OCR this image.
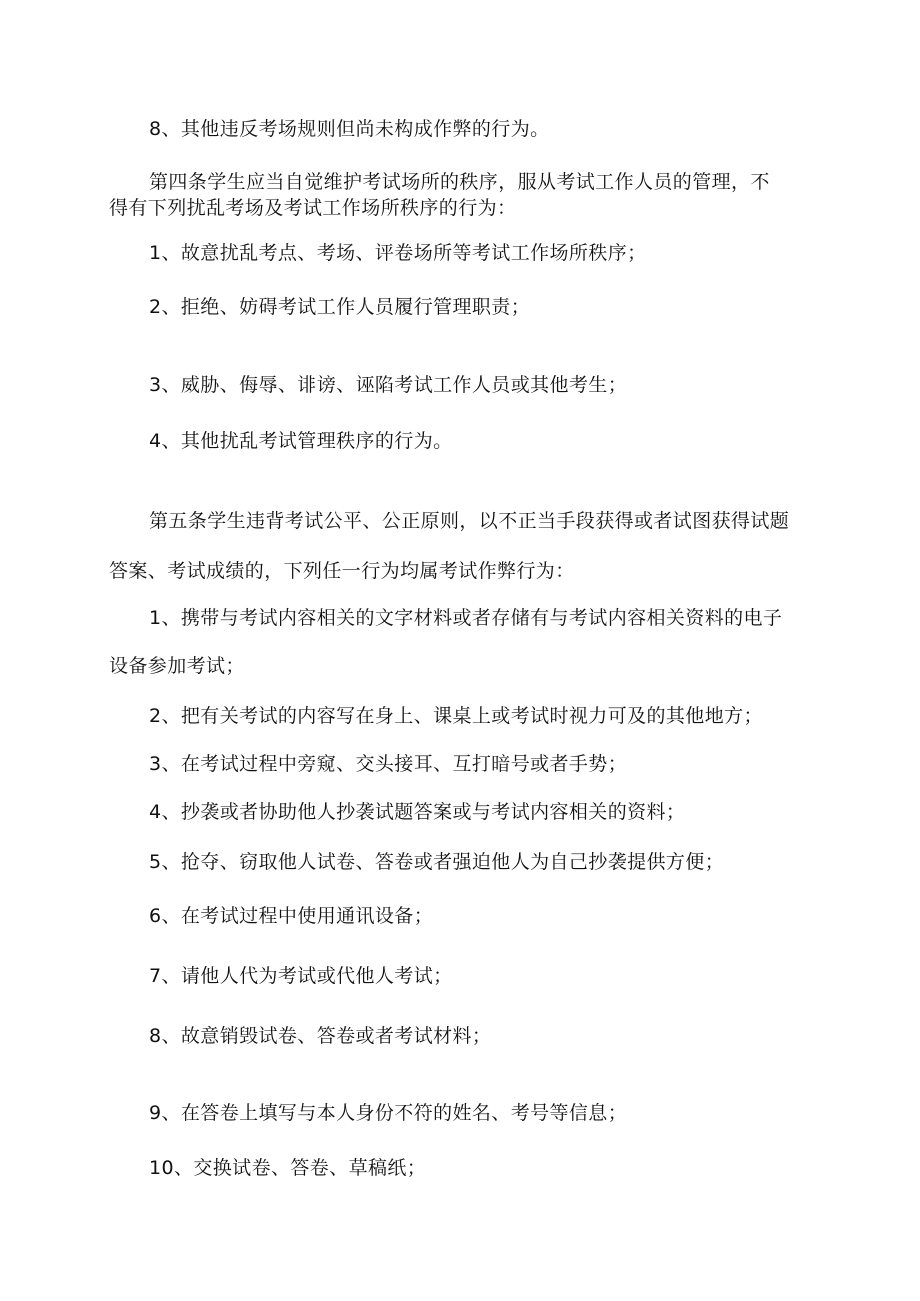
8、其他违反考场规则但尚未构成作弊的行为。
第四条学生应当自觉维护考试场所的秩序，服从考试工作人员的管理，不
得有下列扰乱考场及考试工作场所秩序的行为：
1、故意扰乱考点、考场、评卷场所等考试工作场所秩序；
2、拒绝、妨碍考试工作人员履行管理职责；
3、威胁、侮辱、诽谤、诬陷考试工作人员或其他考生；
4、其他扰乱考试管理秩序的行为。
第五条学生违背考试公平、公正原则，以不正当手段获得或者试图获得试题
答案、考试成绩的，下列任一行为均属考试作弊行为：
1、携带与考试内容相关的文字材料或者存储有与考试内容相关资料的电子
设备参加考试；
2、把有关考试的内容写在身上、课桌上或考试时视力可及的其他地方；
3、在考试过程中旁窥、交头接耳、互打暗号或者手势；
4、抄袭或者协助他人抄袭试题答案或与考试内容相关的资料；
5、抢夺、窃取他人试卷、答卷或者强迫他人为自己抄袭提供方便；
6、在考试过程中使用通讯设备；
7、请他人代为考试或代他人考试；
8、故意销毁试卷、答卷或者考试材料；
9、在答卷上填写与本人身份不符的姓名、考号等信息；
10、交换试卷、答卷、草稿纸；
